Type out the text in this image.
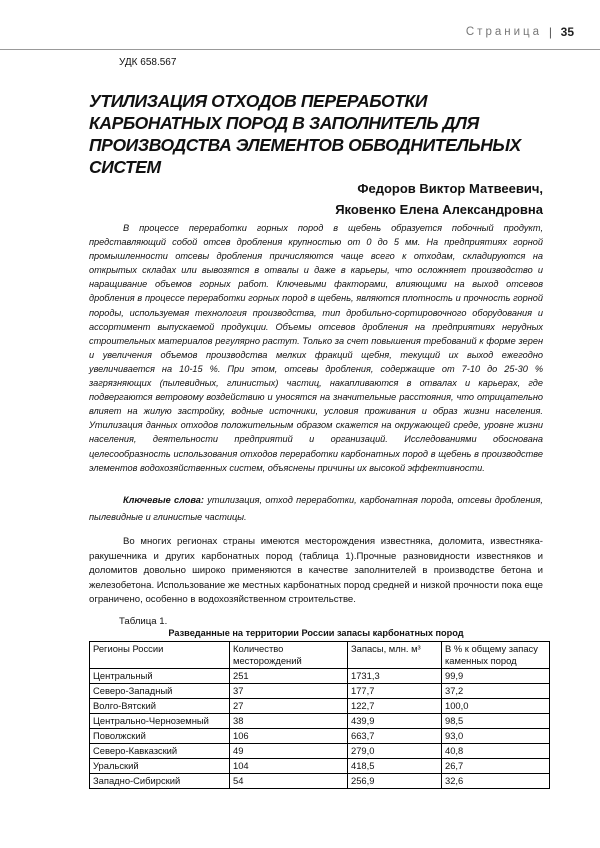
Страница | 35
УДК 658.567
УТИЛИЗАЦИЯ ОТХОДОВ ПЕРЕРАБОТКИ КАРБОНАТНЫХ ПОРОД В ЗАПОЛНИТЕЛЬ ДЛЯ ПРОИЗВОДСТВА ЭЛЕМЕНТОВ ОБВОДНИТЕЛЬНЫХ СИСТЕМ
Федоров Виктор Матвеевич,
Яковенко Елена Александровна

В процессе переработки горных пород в щебень образуется побочный продукт, представляющий собой отсев дробления крупностью от 0 до 5 мм. На предприятиях горной промышленности отсевы дробления причисляются чаще всего к отходам, складируются на открытых складах или вывозятся в отвалы и даже в карьеры, что осложняет производство и наращивание объемов горных работ. Ключевыми факторами, влияющими на выход отсевов дробления в процессе переработки горных пород в щебень, являются плотность и прочность горной породы, используемая технология производства, тип дробильно-сортировочного оборудования и ассортимент выпускаемой продукции. Объемы отсевов дробления на предприятиях нерудных строительных материалов регулярно растут. Только за счет повышения требований к форме зерен и увеличения объемов производства мелких фракций щебня, текущий их выход ежегодно увеличивается на 10-15 %. При этом, отсевы дробления, содержащие от 7-10 до 25-30 % загрязняющих (пылевидных, глинистых) частиц, накапливаются в отвалах и карьерах, где подвергаются ветровому воздействию и уносятся на значительные расстояния, что отрицательно влияет на жилую застройку, водные источники, условия проживания и образ жизни населения. Утилизация данных отходов положительным образом скажется на окружающей среде, уровне жизни населения, деятельности предприятий и организаций. Исследованиями обоснована целесообразность использования отходов переработки карбонатных пород в щебень в производстве элементов водохозяйственных систем, объяснены причины их высокой эффективности.

Ключевые слова: утилизация, отход переработки, карбонатная порода, отсевы дробления, пылевидные и глинистые частицы.

Во многих регионах страны имеются месторождения известняка, доломита, известняка-ракушечника и других карбонатных пород (таблица 1).Прочные разновидности известняков и доломитов довольно широко применяются в качестве заполнителей в производстве бетона и железобетона. Использование же местных карбонатных пород средней и низкой прочности пока еще ограничено, особенно в водохозяйственном строительстве.

Таблица 1.
Разведанные на территории России запасы карбонатных пород
Регионы России	Количество месторождений	Запасы, млн. м³	В % к общему запасу каменных пород
Центральный	251	1731,3	99,9
Северо-Западный	37	177,7	37,2
Волго-Вятский	27	122,7	100,0
Центрально-Черноземный	38	439,9	98,5
Поволжский	106	663,7	93,0
Северо-Кавказский	49	279,0	40,8
Уральский	104	418,5	26,7
Западно-Сибирский	54	256,9	32,6
